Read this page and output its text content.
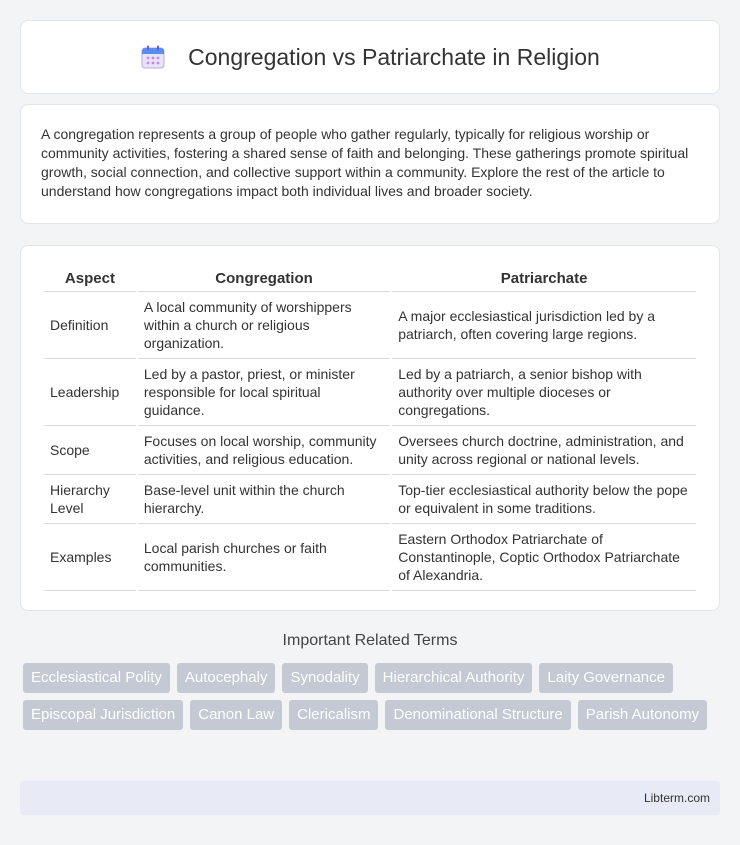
Congregation vs Patriarchate in Religion

A congregation represents a group of people who gather regularly, typically for religious worship or community activities, fostering a shared sense of faith and belonging. These gatherings promote spiritual growth, social connection, and collective support within a community. Explore the rest of the article to understand how congregations impact both individual lives and broader society.

Aspect	Congregation	Patriarchate
Definition	A local community of worshippers within a church or religious organization.	A major ecclesiastical jurisdiction led by a patriarch, often covering large regions.
Leadership	Led by a pastor, priest, or minister responsible for local spiritual guidance.	Led by a patriarch, a senior bishop with authority over multiple dioceses or congregations.
Scope	Focuses on local worship, community activities, and religious education.	Oversees church doctrine, administration, and unity across regional or national levels.
Hierarchy Level	Base-level unit within the church hierarchy.	Top-tier ecclesiastical authority below the pope or equivalent in some traditions.
Examples	Local parish churches or faith communities.	Eastern Orthodox Patriarchate of Constantinople, Coptic Orthodox Patriarchate of Alexandria.
Important Related Terms
Ecclesiastical Polity	Autocephaly	Synodality	Hierarchical Authority	Laity Governance
Episcopal Jurisdiction	Canon Law	Clericalism	Denominational Structure	Parish Autonomy
Libterm.com
